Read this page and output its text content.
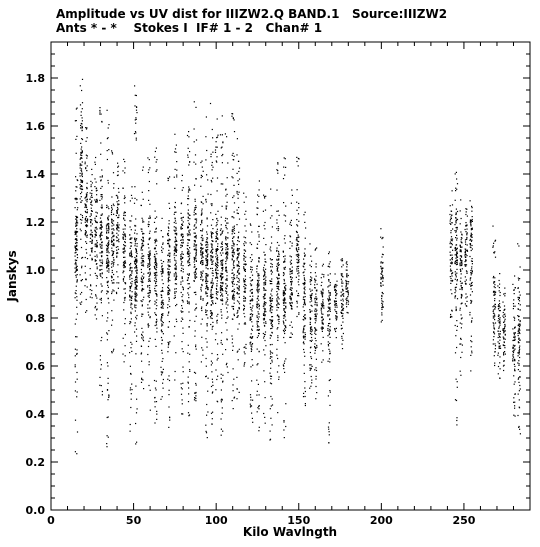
Amplitude vs UV dist for IIIZW2.Q BAND.1   Source:IIIZW2
Ants * - *    Stokes I  IF# 1 - 2   Chan# 1
0	50	100	150	200	250
0.0
0.2
0.4
0.6
0.8
1.0
1.2
1.4
1.6
1.8
Kilo Wavlngth
Janskys
